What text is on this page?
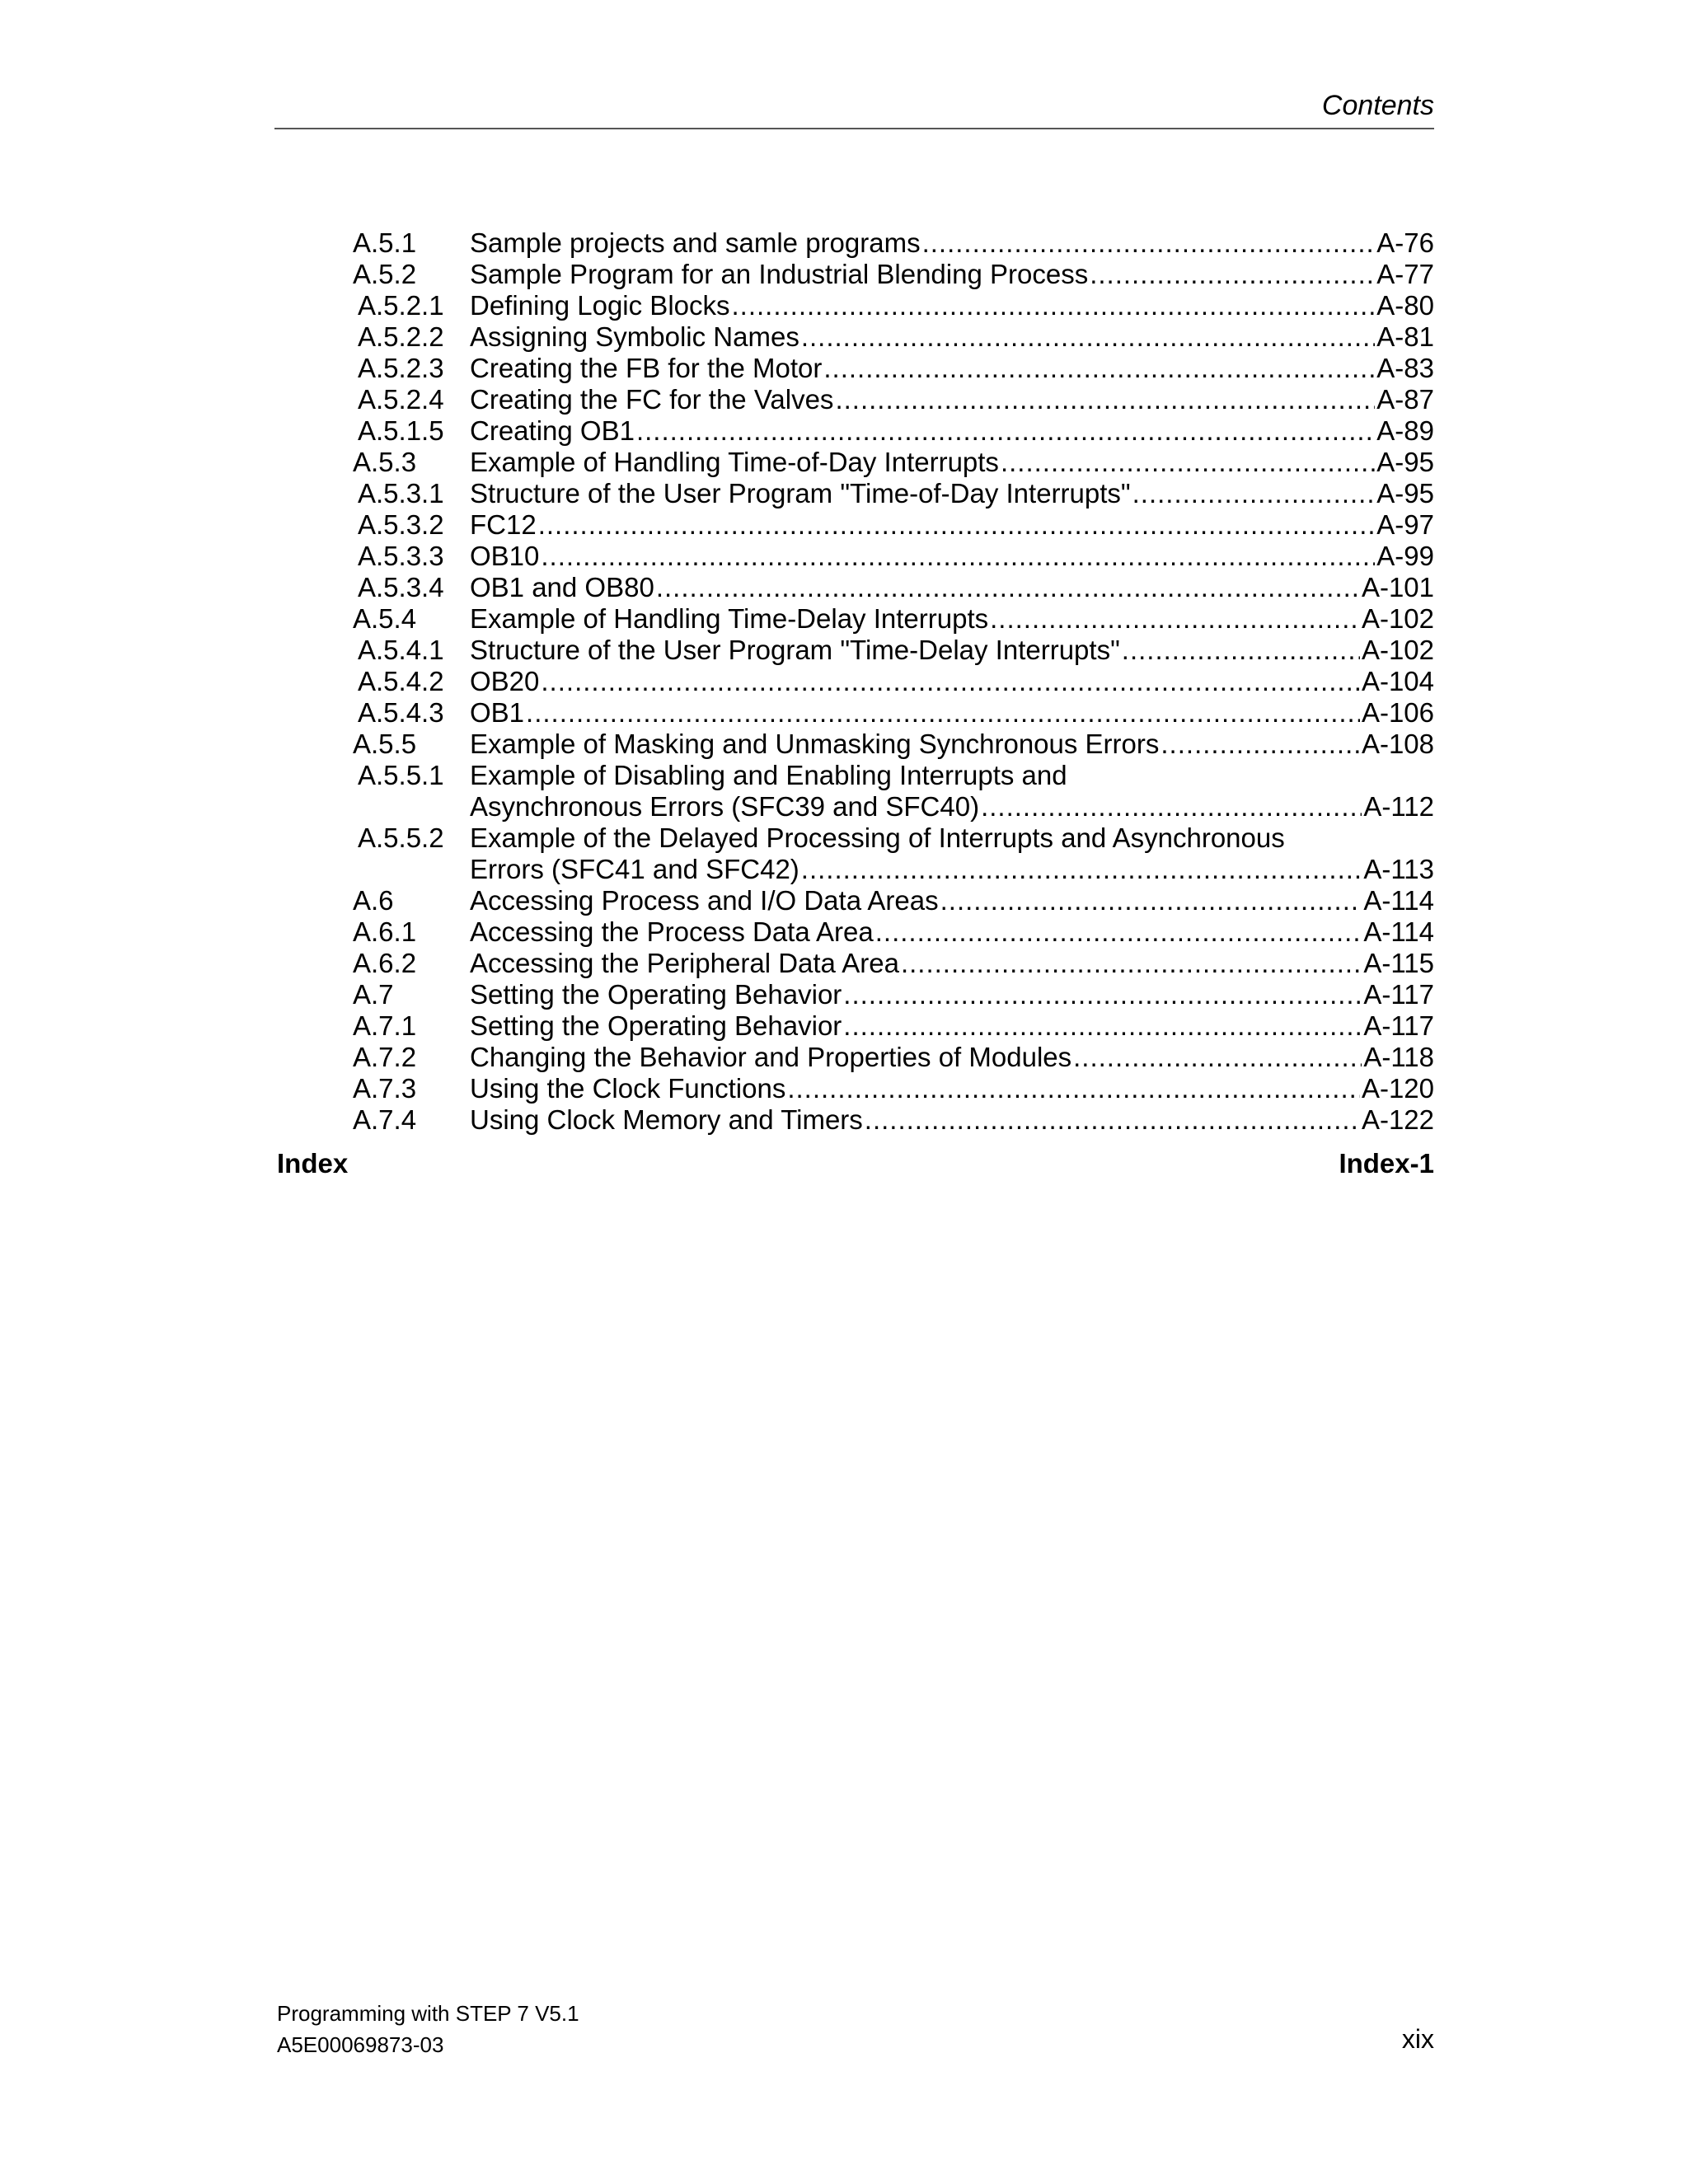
Contents
A.5.1	Sample projects and samle programs .....	A-76
A.5.2	Sample Program for an Industrial Blending Process .....	A-77
A.5.2.1 Defining Logic Blocks .....	A-80
A.5.2.2 Assigning Symbolic Names .....	A-81
A.5.2.3 Creating the FB for the Motor .....	A-83
A.5.2.4 Creating the FC for the Valves .....	A-87
A.5.1.5 Creating OB1 .....	A-89
A.5.3	Example of Handling Time-of-Day Interrupts .....	A-95
A.5.3.1 Structure of the User Program "Time-of-Day Interrupts" .....	A-95
A.5.3.2 FC12 .....	A-97
A.5.3.3 OB10 .....	A-99
A.5.3.4 OB1 and OB80 .....	A-101
A.5.4	Example of Handling Time-Delay Interrupts .....	A-102
A.5.4.1 Structure of the User Program "Time-Delay Interrupts" .....	A-102
A.5.4.2 OB20 .....	A-104
A.5.4.3 OB1 .....	A-106
A.5.5	Example of Masking and Unmasking Synchronous Errors .....	A-108
A.5.5.1 Example of Disabling and Enabling Interrupts and
Asynchronous Errors (SFC39 and SFC40) .....	A-112
A.5.5.2 Example of the Delayed Processing of Interrupts and Asynchronous
Errors (SFC41 and SFC42) .....	A-113
A.6	Accessing Process and I/O Data Areas .....	A-114
A.6.1	Accessing the Process Data Area .....	A-114
A.6.2	Accessing the Peripheral Data Area .....	A-115
A.7	Setting the Operating Behavior .....	A-117
A.7.1	Setting the Operating Behavior .....	A-117
A.7.2	Changing the Behavior and Properties of Modules .....	A-118
A.7.3	Using the Clock Functions .....	A-120
A.7.4	Using Clock Memory and Timers .....	A-122
Index	Index-1
Programming with STEP 7 V5.1
A5E00069873-03	xix
